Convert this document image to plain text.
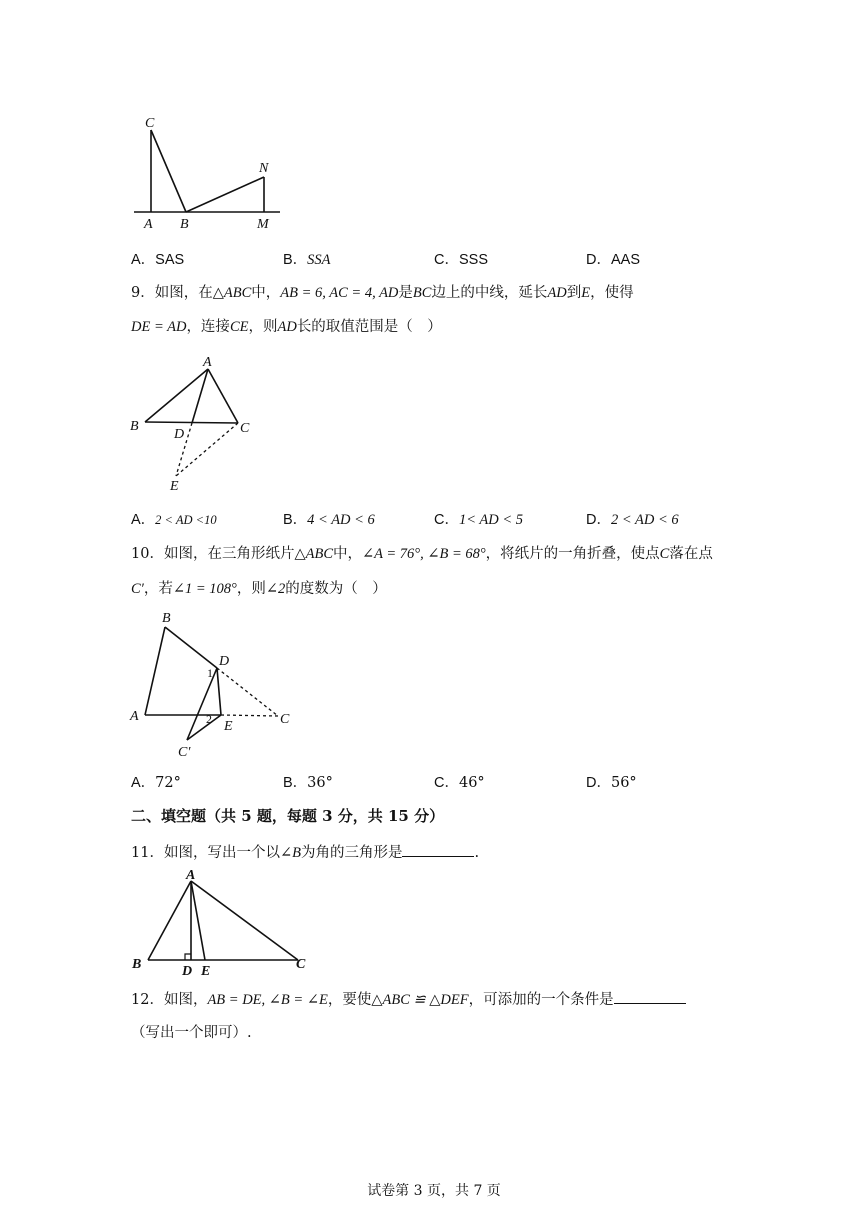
C
A B
N
M
A．SAS	B．SSA	C．SSS	D．AAS
9．如图，在△ABC中，AB = 6, AC = 4, AD是BC边上的中线，延长AD到E，使得
DE = AD，连接CE，则AD长的取值范围是（　）
A
B	C
D
E
A．2 < AD <10	B．4 < AD < 6	C．1< AD < 5	D．2 < AD < 6
10．如图，在三角形纸片△ABC中，∠A = 76°, ∠B = 68°，将纸片的一角折叠，使点C落在点
C′，若∠1 = 108°，则∠2的度数为（　）
B
A	C
D
E
C′
1
2
A．72°	B．36°	C．46°	D．56°
二、填空题（共 5 题，每题 3 分，共 15 分）
11．如图，写出一个以∠B为角的三角形是	.
A
B	C
D E
12．如图，AB = DE, ∠B = ∠E，要使△ABC ≌ △DEF，可添加的一个条件是
（写出一个即可）.
试卷第 3 页，共 7 页
